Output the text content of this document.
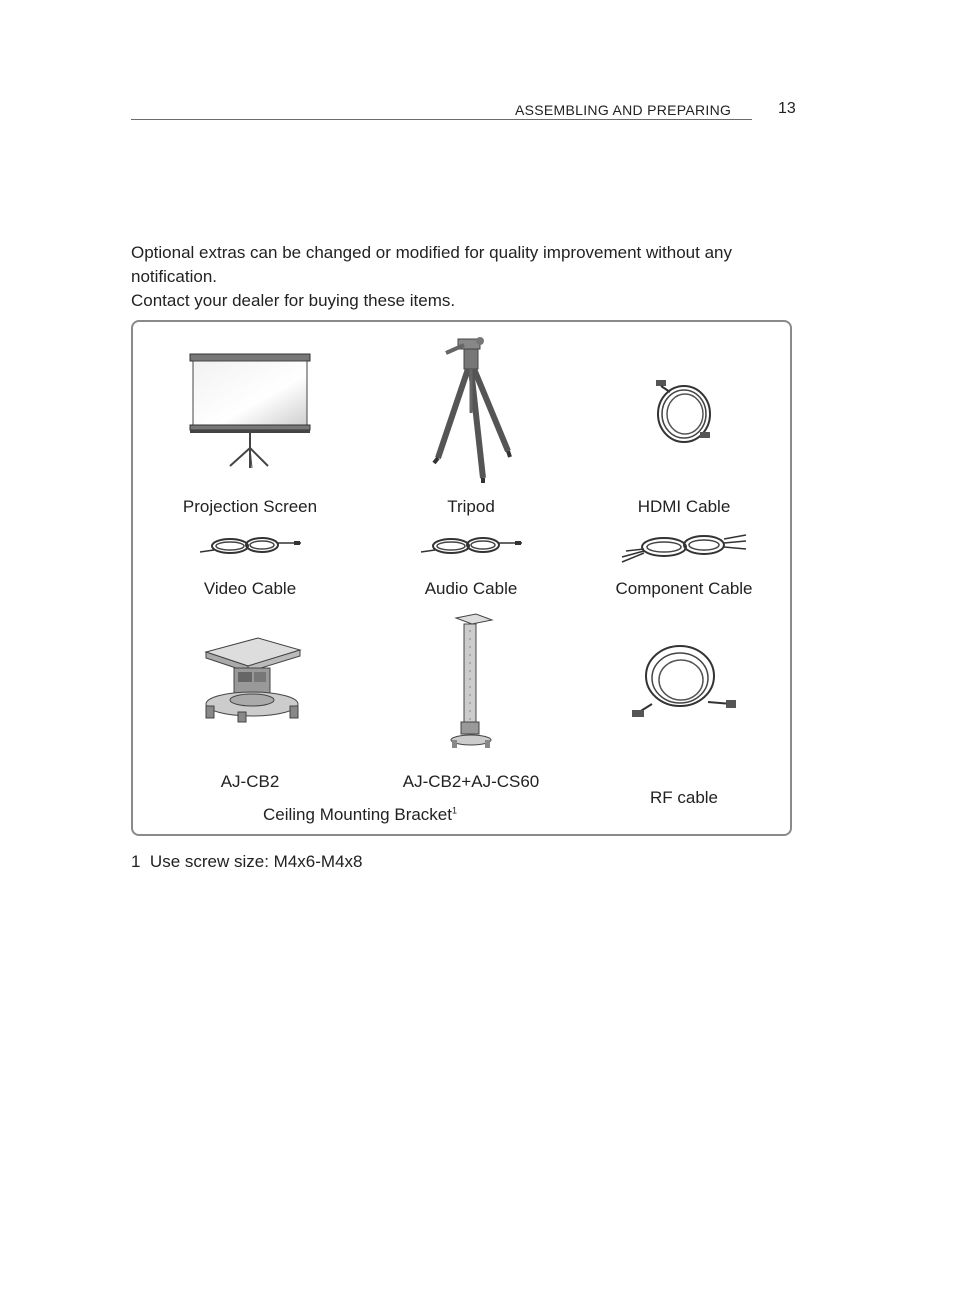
ASSEMBLING AND PREPARING	13

Optional extras can be changed or modified for quality improvement without any notification.

Contact your dealer for buying these items.

Projection Screen	Tripod	HDMI Cable
Video Cable	Audio Cable	Component Cable
AJ-CB2	AJ-CB2+AJ-CS60
RF cable
Ceiling Mounting Bracket$^1$
1 Use screw size: M4x6-M4x8
